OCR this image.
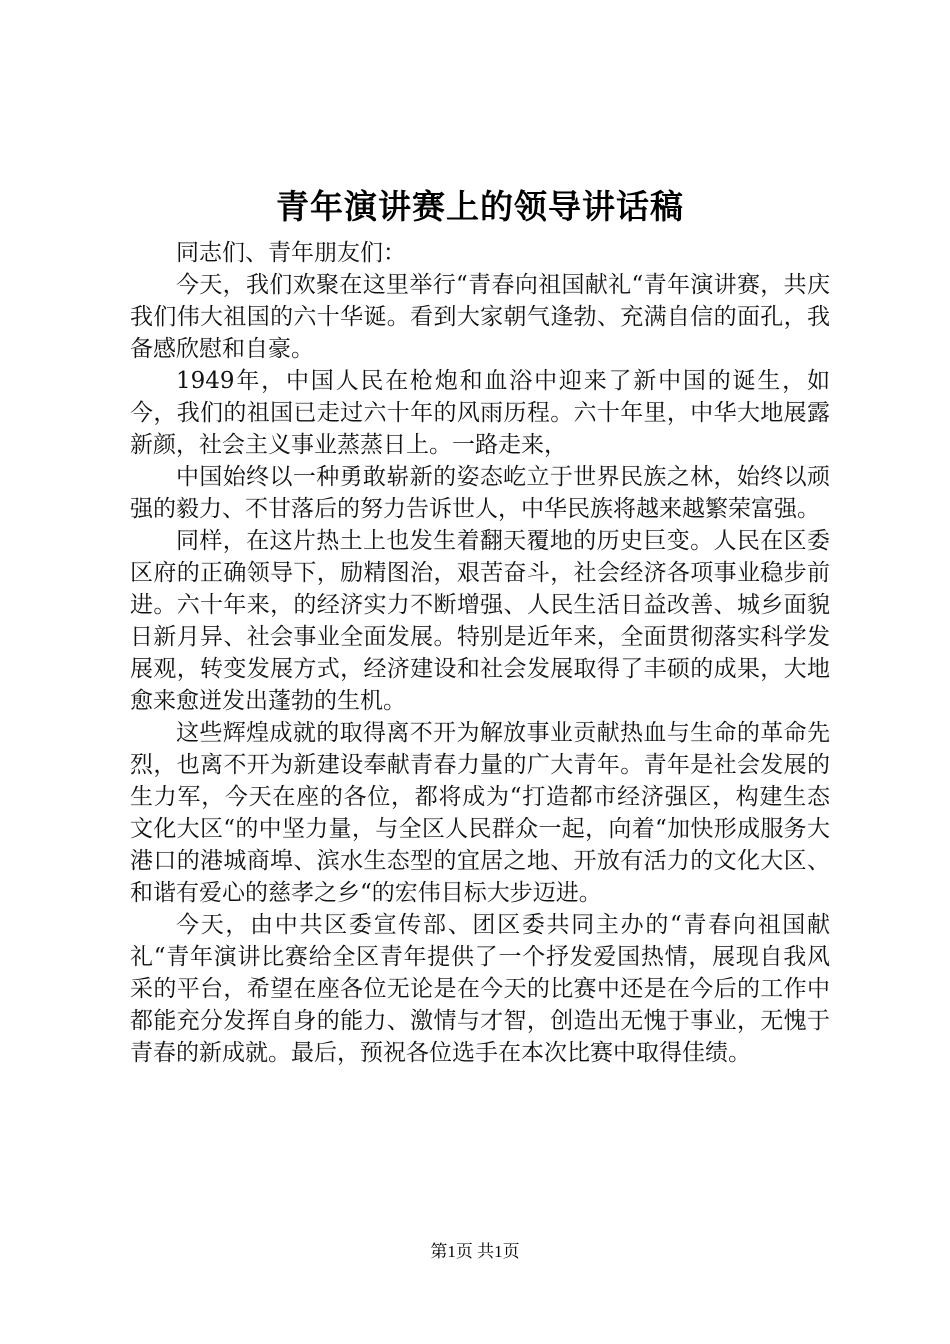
青年演讲赛上的领导讲话稿

同志们、青年朋友们：

今天，我们欢聚在这里举行“青春向祖国献礼“青年演讲赛，共庆我们伟大祖国的六十华诞。看到大家朝气逢勃、充满自信的面孔，我备感欣慰和自豪。

1949年，中国人民在枪炮和血浴中迎来了新中国的诞生，如今，我们的祖国已走过六十年的风雨历程。六十年里，中华大地展露新颜，社会主义事业蒸蒸日上。一路走来，

中国始终以一种勇敢崭新的姿态屹立于世界民族之林，始终以顽强的毅力、不甘落后的努力告诉世人，中华民族将越来越繁荣富强。

同样，在这片热土上也发生着翻天覆地的历史巨变。人民在区委区府的正确领导下，励精图治，艰苦奋斗，社会经济各项事业稳步前进。六十年来，的经济实力不断增强、人民生活日益改善、城乡面貌日新月异、社会事业全面发展。特别是近年来，全面贯彻落实科学发展观，转变发展方式，经济建设和社会发展取得了丰硕的成果，大地愈来愈迸发出蓬勃的生机。

这些辉煌成就的取得离不开为解放事业贡献热血与生命的革命先烈，也离不开为新建设奉献青春力量的广大青年。青年是社会发展的生力军，今天在座的各位，都将成为“打造都市经济强区，构建生态文化大区“的中坚力量，与全区人民群众一起，向着“加快形成服务大港口的港城商埠、滨水生态型的宜居之地、开放有活力的文化大区、和谐有爱心的慈孝之乡“的宏伟目标大步迈进。

今天，由中共区委宣传部、团区委共同主办的“青春向祖国献礼“青年演讲比赛给全区青年提供了一个抒发爱国热情，展现自我风采的平台，希望在座各位无论是在今天的比赛中还是在今后的工作中都能充分发挥自身的能力、激情与才智，创造出无愧于事业，无愧于青春的新成就。最后，预祝各位选手在本次比赛中取得佳绩。

第1页 共1页
